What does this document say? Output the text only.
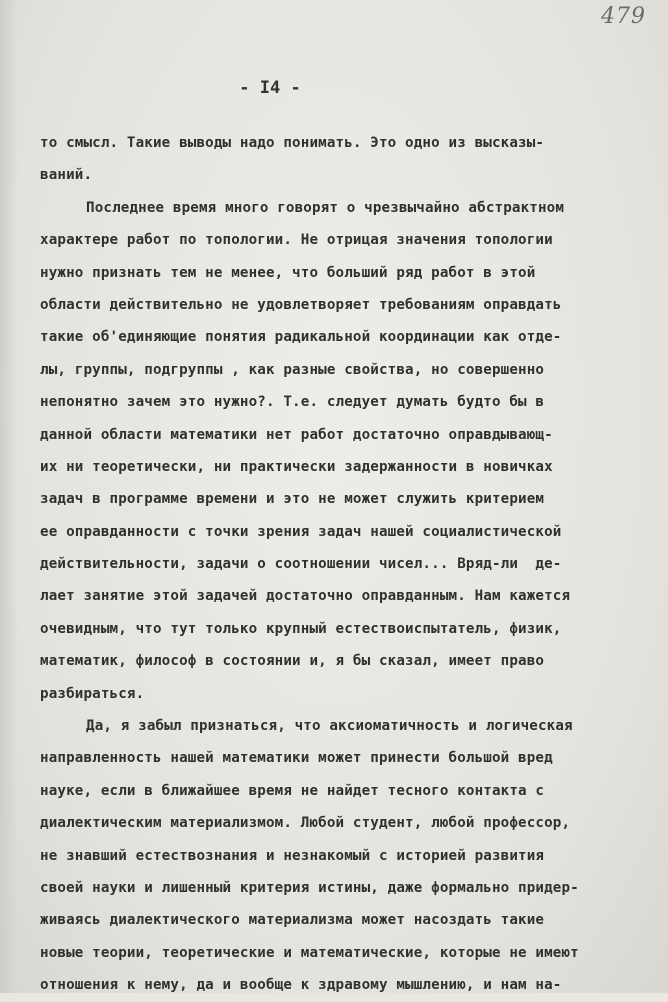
479
- I4 -
то смысл. Такие выводы надо понимать. Это одно из высказы-
ваний.
Последнее время много говорят о чрезвычайно абстрактном
характере работ по топологии. Не отрицая значения топологии
нужно признать тем не менее, что больший ряд работ в этой
области действительно не удовлетворяет требованиям оправдать
такие об'единяющие понятия радикальной координации как отде-
лы, группы, подгруппы , как разные свойства, но совершенно
непонятно зачем это нужно?. Т.е. следует думать будто бы в
данной области математики нет работ достаточно оправдывающ-
их ни теоретически, ни практически задержанности в новичках
задач в программе времени и это не может служить критерием
ее оправданности с точки зрения задач нашей социалистической
действительности, задачи о соотношении чисел... Вряд-ли  де-
лает занятие этой задачей достаточно оправданным. Нам кажется
очевидным, что тут только крупный естествоиспытатель, физик,
математик, философ в состоянии и, я бы сказал, имеет право
разбираться.
Да, я забыл признаться, что аксиоматичность и логическая
направленность нашей математики может принести большой вред
науке, если в ближайшее время не найдет тесного контакта с
диалектическим материализмом. Любой студент, любой профессор,
не знавший естествознания и незнакомый с историей развития
своей науки и лишенный критерия истины, даже формально придер-
живаясь диалектического материализма может насоздать такие
новые теории, теоретические и математические, которые не имеют
отношения к нему, да и вообще к здравому мышлению, и нам на-
